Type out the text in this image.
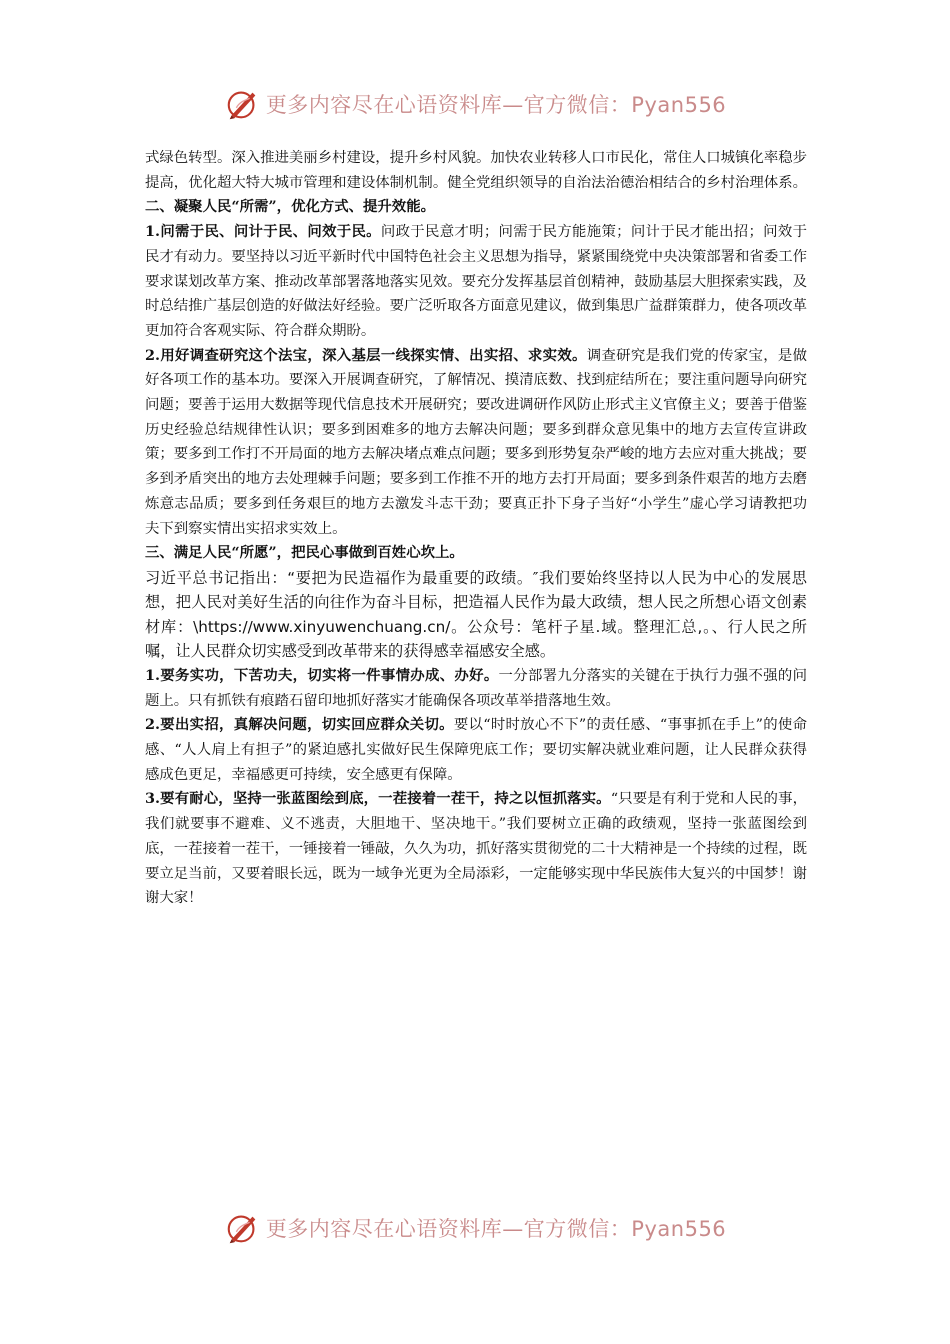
更多内容尽在心语资料库—官方微信：Pyan556

式绿色转型。深入推进美丽乡村建设，提升乡村风貌。加快农业转移人口市民化，常住人口城镇化率稳步提高，优化超大特大城市管理和建设体制机制。健全党组织领导的自治法治德治相结合的乡村治理体系。

二、凝聚人民“所需”，优化方式、提升效能。

1.问需于民、问计于民、问效于民。问政于民意才明；问需于民方能施策；问计于民才能出招；问效于民才有动力。要坚持以习近平新时代中国特色社会主义思想为指导，紧紧围绕党中央决策部署和省委工作要求谋划改革方案、推动改革部署落地落实见效。要充分发挥基层首创精神，鼓励基层大胆探索实践，及时总结推广基层创造的好做法好经验。要广泛听取各方面意见建议，做到集思广益群策群力，使各项改革更加符合客观实际、符合群众期盼。

2.用好调查研究这个法宝，深入基层一线探实情、出实招、求实效。调查研究是我们党的传家宝，是做好各项工作的基本功。要深入开展调查研究，了解情况、摸清底数、找到症结所在；要注重问题导向研究问题；要善于运用大数据等现代信息技术开展研究；要改进调研作风防止形式主义官僚主义；要善于借鉴历史经验总结规律性认识；要多到困难多的地方去解决问题；要多到群众意见集中的地方去宣传宣讲政策；要多到工作打不开局面的地方去解决堵点难点问题；要多到形势复杂严峻的地方去应对重大挑战；要多到矛盾突出的地方去处理棘手问题；要多到工作推不开的地方去打开局面；要多到条件艰苦的地方去磨炼意志品质；要多到任务艰巨的地方去激发斗志干劲；要真正扑下身子当好“小学生”虚心学习请教把功夫下到察实情出实招求实效上。

三、满足人民“所愿”，把民心事做到百姓心坎上。

习近平总书记指出：“要把为民造福作为最重要的政绩。″我们要始终坚持以人民为中心的发展思想，把人民对美好生活的向往作为奋斗目标，把造福人民作为最大政绩，想人民之所想心语文创素材库：\https://www.xinyuwenchuang.cn/。公众号：笔杆子星.域。整理汇总,。、行人民之所嘱，让人民群众切实感受到改革带来的获得感幸福感安全感。

1.要务实功，下苦功夫，切实将一件事情办成、办好。一分部署九分落实的关键在于执行力强不强的问题上。只有抓铁有痕踏石留印地抓好落实才能确保各项改革举措落地生效。

2.要出实招，真解决问题，切实回应群众关切。要以“时时放心不下”的责任感、“事事抓在手上”的使命感、“人人肩上有担子”的紧迫感扎实做好民生保障兜底工作；要切实解决就业难问题，让人民群众获得感成色更足，幸福感更可持续，安全感更有保障。

3.要有耐心，坚持一张蓝图绘到底，一茬接着一茬干，持之以恒抓落实。“只要是有利于党和人民的事，我们就要事不避难、义不逃责，大胆地干、坚决地干。”我们要树立正确的政绩观，坚持一张蓝图绘到底，一茬接着一茬干，一锤接着一锤敲，久久为功，抓好落实贯彻党的二十大精神是一个持续的过程，既要立足当前，又要着眼长远，既为一域争光更为全局添彩，一定能够实现中华民族伟大复兴的中国梦！谢谢大家！

更多内容尽在心语资料库—官方微信：Pyan556
